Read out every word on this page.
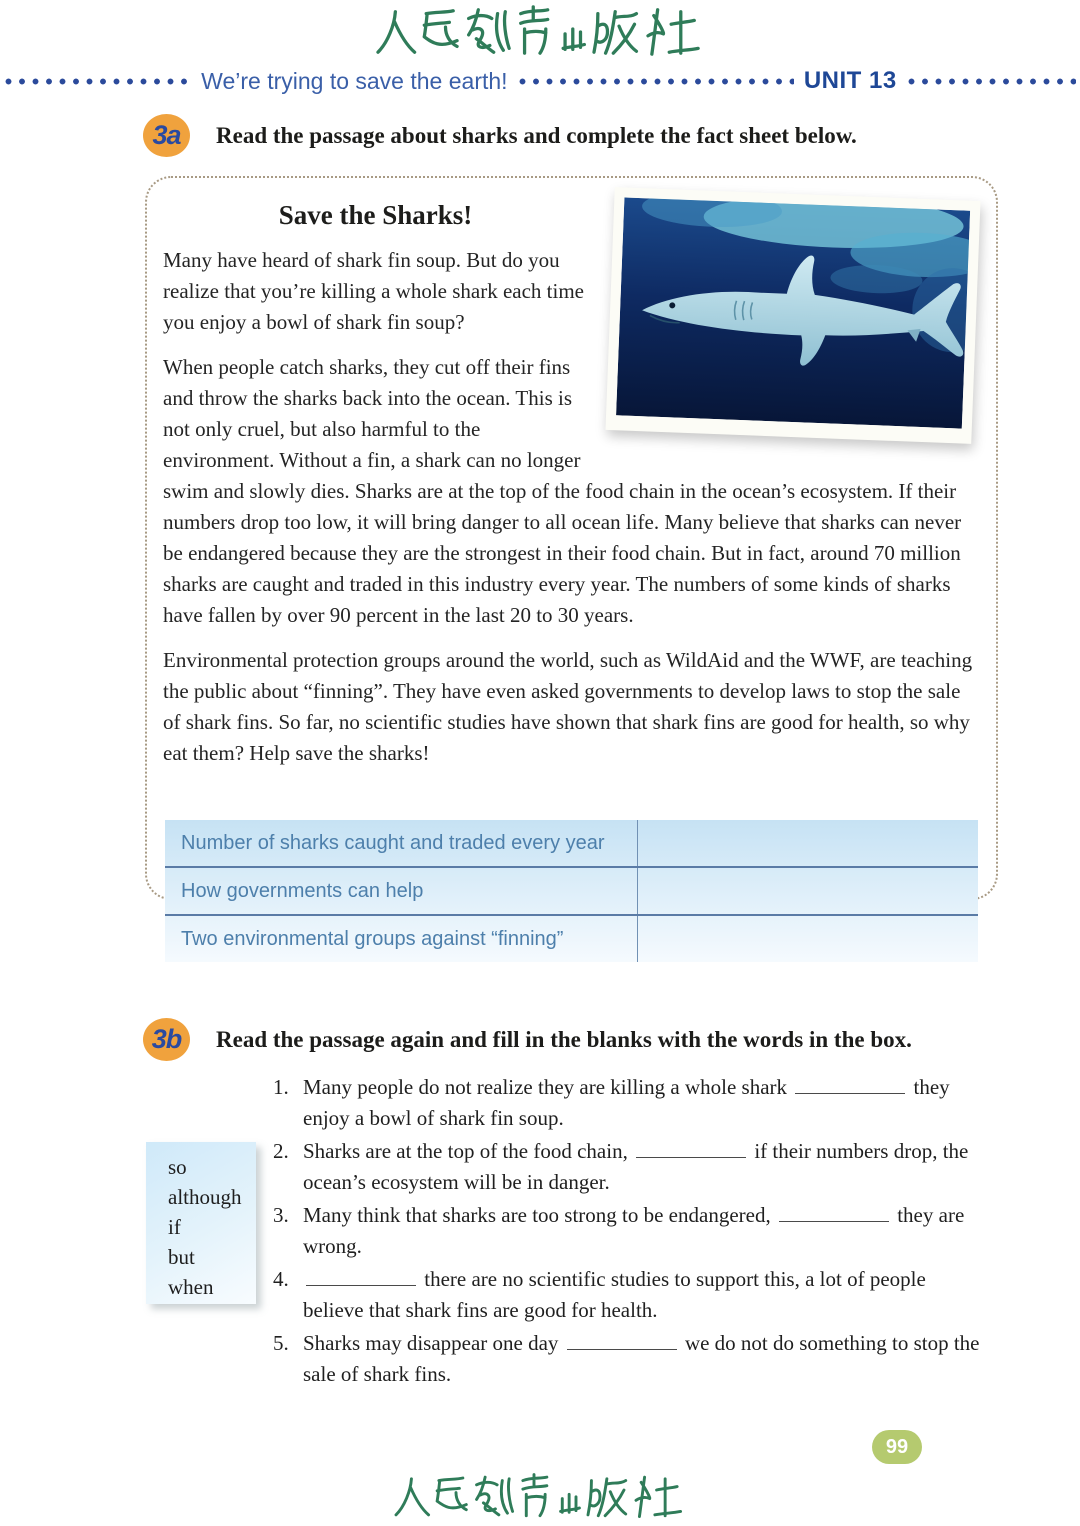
We’re trying to save the earth!	UNIT 13
3a	Read the passage about sharks and complete the fact sheet below.
Save the Sharks!

Many have heard of shark fin soup. But do you realize that you’re killing a whole shark each time you enjoy a bowl of shark fin soup?

When people catch sharks, they cut off their fins and throw the sharks back into the ocean. This is not only cruel, but also harmful to the environment. Without a fin, a shark can no longer swim and slowly dies. Sharks are at the top of the food chain in the ocean’s ecosystem. If their numbers drop too low, it will bring danger to all ocean life. Many believe that sharks can never be endangered because they are the strongest in their food chain. But in fact, around 70 million sharks are caught and traded in this industry every year. The numbers of some kinds of sharks have fallen by over 90 percent in the last 20 to 30 years.

Environmental protection groups around the world, such as WildAid and the WWF, are teaching the public about “finning”. They have even asked governments to develop laws to stop the sale of shark fins. So far, no scientific studies have shown that shark fins are good for health, so why eat them? Help save the sharks!

Number of sharks caught and traded every year
How governments can help
Two environmental groups against “finning”
3b	Read the passage again and fill in the blanks with the words in the box.
so
although
if
but
when
1. Many people do not realize they are killing a whole shark	they enjoy a bowl of shark fin soup.
2. Sharks are at the top of the food chain,	if their numbers drop, the ocean’s ecosystem will be in danger.
3. Many think that sharks are too strong to be endangered,	they are wrong.
4.	there are no scientific studies to support this, a lot of people believe that shark fins are good for health.
5. Sharks may disappear one day	we do not do something to stop the sale of shark fins.
99
